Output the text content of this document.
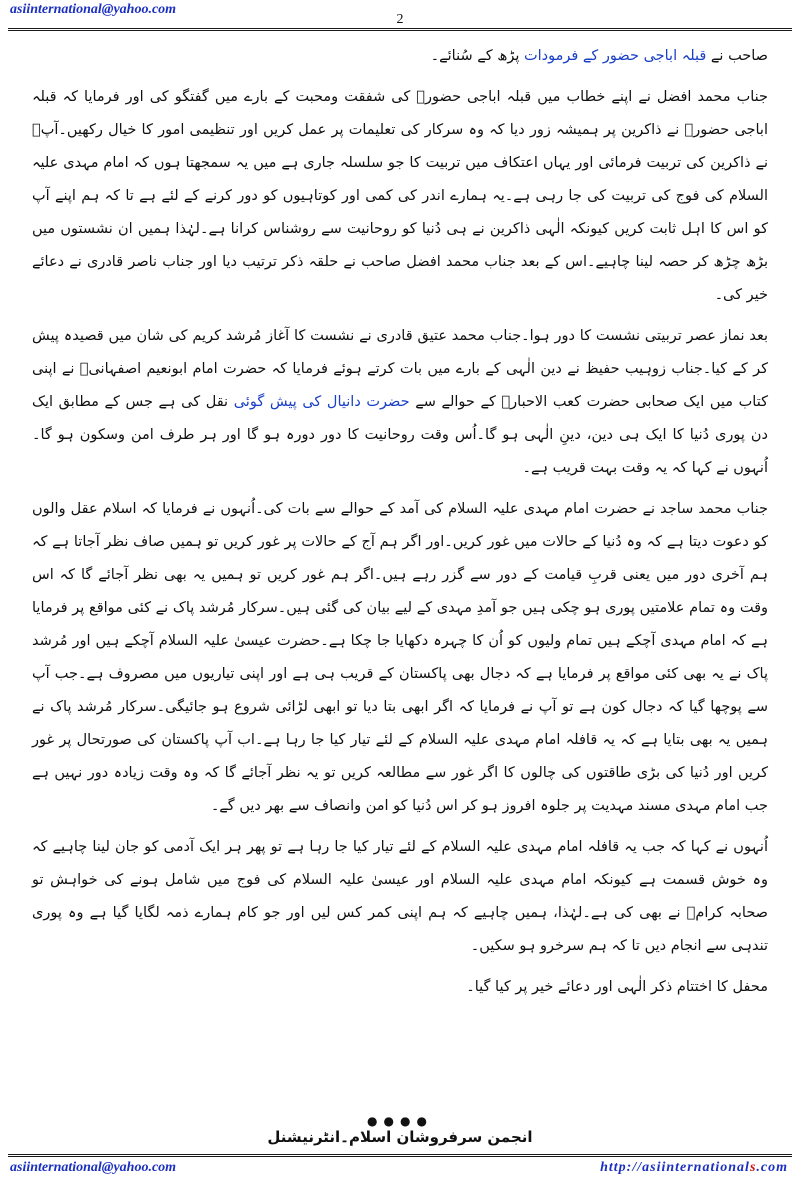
asiinternational@yahoo.com
2

صاحب نے قبلہ اباجی حضور کے فرمودات پڑھ کے سُنائے۔

جناب محمد افضل نے اپنے خطاب میں قبلہ اباجی حضورؒ کی شفقت ومحبت کے بارے میں گفتگو کی اور فرمایا کہ قبلہ اباجی حضورؒ نے ذاکرین پر ہمیشہ زور دیا کہ وہ سرکار کی تعلیمات پر عمل کریں اور تنظیمی امور کا خیال رکھیں۔آپؒ نے ذاکرین کی تربیت فرمائی اور یہاں اعتکاف میں تربیت کا جو سلسلہ جاری ہے میں یہ سمجھتا ہوں کہ امام مہدی علیہ السلام کی فوج کی تربیت کی جا رہی ہے۔یہ ہمارے اندر کی کمی اور کوتاہیوں کو دور کرنے کے لئے ہے تا کہ ہم اپنے آپ کو اس کا اہل ثابت کریں کیونکہ الٰہی ذاکرین نے ہی دُنیا کو روحانیت سے روشناس کرانا ہے۔لہٰذا ہمیں ان نشستوں میں بڑھ چڑھ کر حصہ لینا چاہیے۔اس کے بعد جناب محمد افضل صاحب نے حلقہ ذکر ترتیب دیا اور جناب ناصر قادری نے دعائے خیر کی۔

بعد نماز عصر تربیتی نشست کا دور ہوا۔جناب محمد عتیق قادری نے نشست کا آغاز مُرشد کریم کی شان میں قصیدہ پیش کر کے کیا۔جناب زوہیب حفیظ نے دین الٰہی کے بارے میں بات کرتے ہوئے فرمایا کہ حضرت امام ابونعیم اصفہانیؒ نے اپنی کتاب میں ایک صحابی حضرت کعب الاحبارؓ کے حوالے سے حضرت دانیال کی پیش گوئی نقل کی ہے جس کے مطابق ایک دن پوری دُنیا کا ایک ہی دین، دینِ الٰہی ہو گا۔اُس وقت روحانیت کا دور دورہ ہو گا اور ہر طرف امن وسکون ہو گا۔اُنہوں نے کہا کہ یہ وقت بہت قریب ہے۔

جناب محمد ساجد نے حضرت امام مہدی علیہ السلام کی آمد کے حوالے سے بات کی۔اُنہوں نے فرمایا کہ اسلام عقل والوں کو دعوت دیتا ہے کہ وہ دُنیا کے حالات میں غور کریں۔اور اگر ہم آج کے حالات پر غور کریں تو ہمیں صاف نظر آجاتا ہے کہ ہم آخری دور میں یعنی قربِ قیامت کے دور سے گزر رہے ہیں۔اگر ہم غور کریں تو ہمیں یہ بھی نظر آجائے گا کہ اس وقت وہ تمام علامتیں پوری ہو چکی ہیں جو آمدِ مہدی کے لیے بیان کی گئی ہیں۔سرکار مُرشد پاک نے کئی مواقع پر فرمایا ہے کہ امام مہدی آچکے ہیں تمام ولیوں کو اُن کا چہرہ دکھایا جا چکا ہے۔حضرت عیسیٰ علیہ السلام آچکے ہیں اور مُرشد پاک نے یہ بھی کئی مواقع پر فرمایا ہے کہ دجال بھی پاکستان کے قریب ہی ہے اور اپنی تیاریوں میں مصروف ہے۔جب آپ سے پوچھا گیا کہ دجال کون ہے تو آپ نے فرمایا کہ اگر ابھی بتا دیا تو ابھی لڑائی شروع ہو جائیگی۔سرکار مُرشد پاک نے ہمیں یہ بھی بتایا ہے کہ یہ قافلہ امام مہدی علیہ السلام کے لئے تیار کیا جا رہا ہے۔اب آپ پاکستان کی صورتحال پر غور کریں اور دُنیا کی بڑی طاقتوں کی چالوں کا اگر غور سے مطالعہ کریں تو یہ نظر آجائے گا کہ وہ وقت زیادہ دور نہیں ہے جب امام مہدی مسند مہدیت پر جلوہ افروز ہو کر اس دُنیا کو امن وانصاف سے بھر دیں گے۔

اُنہوں نے کہا کہ جب یہ قافلہ امام مہدی علیہ السلام کے لئے تیار کیا جا رہا ہے تو پھر ہر ایک آدمی کو جان لینا چاہیے کہ وہ خوش قسمت ہے کیونکہ امام مہدی علیہ السلام اور عیسیٰ علیہ السلام کی فوج میں شامل ہونے کی خواہش تو صحابہ کرامؓ نے بھی کی ہے۔لہٰذا، ہمیں چاہیے کہ ہم اپنی کمر کس لیں اور جو کام ہمارے ذمہ لگایا گیا ہے وہ پوری تندہی سے انجام دیں تا کہ ہم سرخرو ہو سکیں۔

محفل کا اختتام ذکر الٰہی اور دعائے خیر پر کیا گیا۔

●●●●
انجمن سرفروشان اسلام۔انٹرنیشنل
asiinternational@yahoo.com	http://asiinternationals.com
